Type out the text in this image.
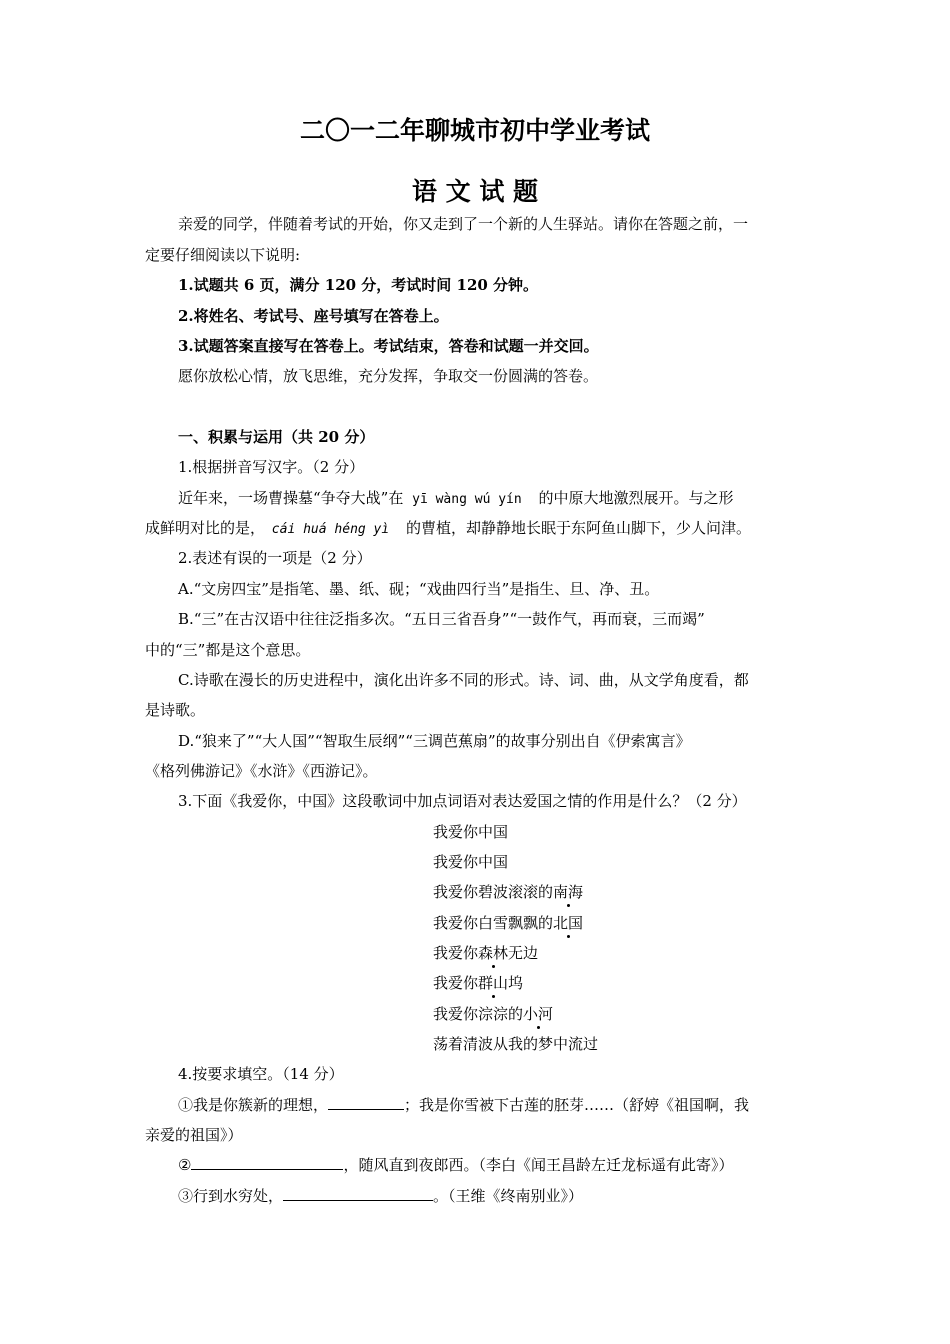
二〇一二年聊城市初中学业考试
语 文 试 题
亲爱的同学，伴随着考试的开始，你又走到了一个新的人生驿站。请你在答题之前，一
定要仔细阅读以下说明:
1.试题共 6 页，满分 120 分，考试时间 120 分钟。
2.将姓名、考试号、座号填写在答卷上。
3.试题答案直接写在答卷上。考试结束，答卷和试题一并交回。
愿你放松心情，放飞思维，充分发挥，争取交一份圆满的答卷。
一、积累与运用（共 20 分）
1.根据拼音写汉字。（2 分）
近年来，一场曹操墓“争夺大战”在 yī wàng wú yín 的中原大地激烈展开。与之形
成鲜明对比的是， cái huá héng yì 的曹植，却静静地长眠于东阿鱼山脚下，少人问津。
2.表述有误的一项是（2 分）
A.“文房四宝”是指笔、墨、纸、砚；“戏曲四行当”是指生、旦、净、丑。
B.“三”在古汉语中往往泛指多次。“五日三省吾身”“一鼓作气，再而衰，三而竭”
中的“三”都是这个意思。
C.诗歌在漫长的历史进程中，演化出许多不同的形式。诗、词、曲，从文学角度看，都
是诗歌。
D.“狼来了”“大人国”“智取生辰纲”“三调芭蕉扇”的故事分别出自《伊索寓言》
《格列佛游记》《水浒》《西游记》。
3.下面《我爱你，中国》这段歌词中加点词语对表达爱国之情的作用是什么？（2 分）
我爱你中国
我爱你中国
我爱你碧波滚滚的南海
我爱你白雪飘飘的北国
我爱你森林无边
我爱你群山坞
我爱你淙淙的小河
荡着清波从我的梦中流过
4.按要求填空。（14 分）
①我是你簇新的理想，	；我是你雪被下古莲的胚芽……（舒婷《祖国啊，我
亲爱的祖国》）
②	，随风直到夜郎西。（李白《闻王昌龄左迁龙标遥有此寄》）
③行到水穷处，	。（王维《终南别业》）
